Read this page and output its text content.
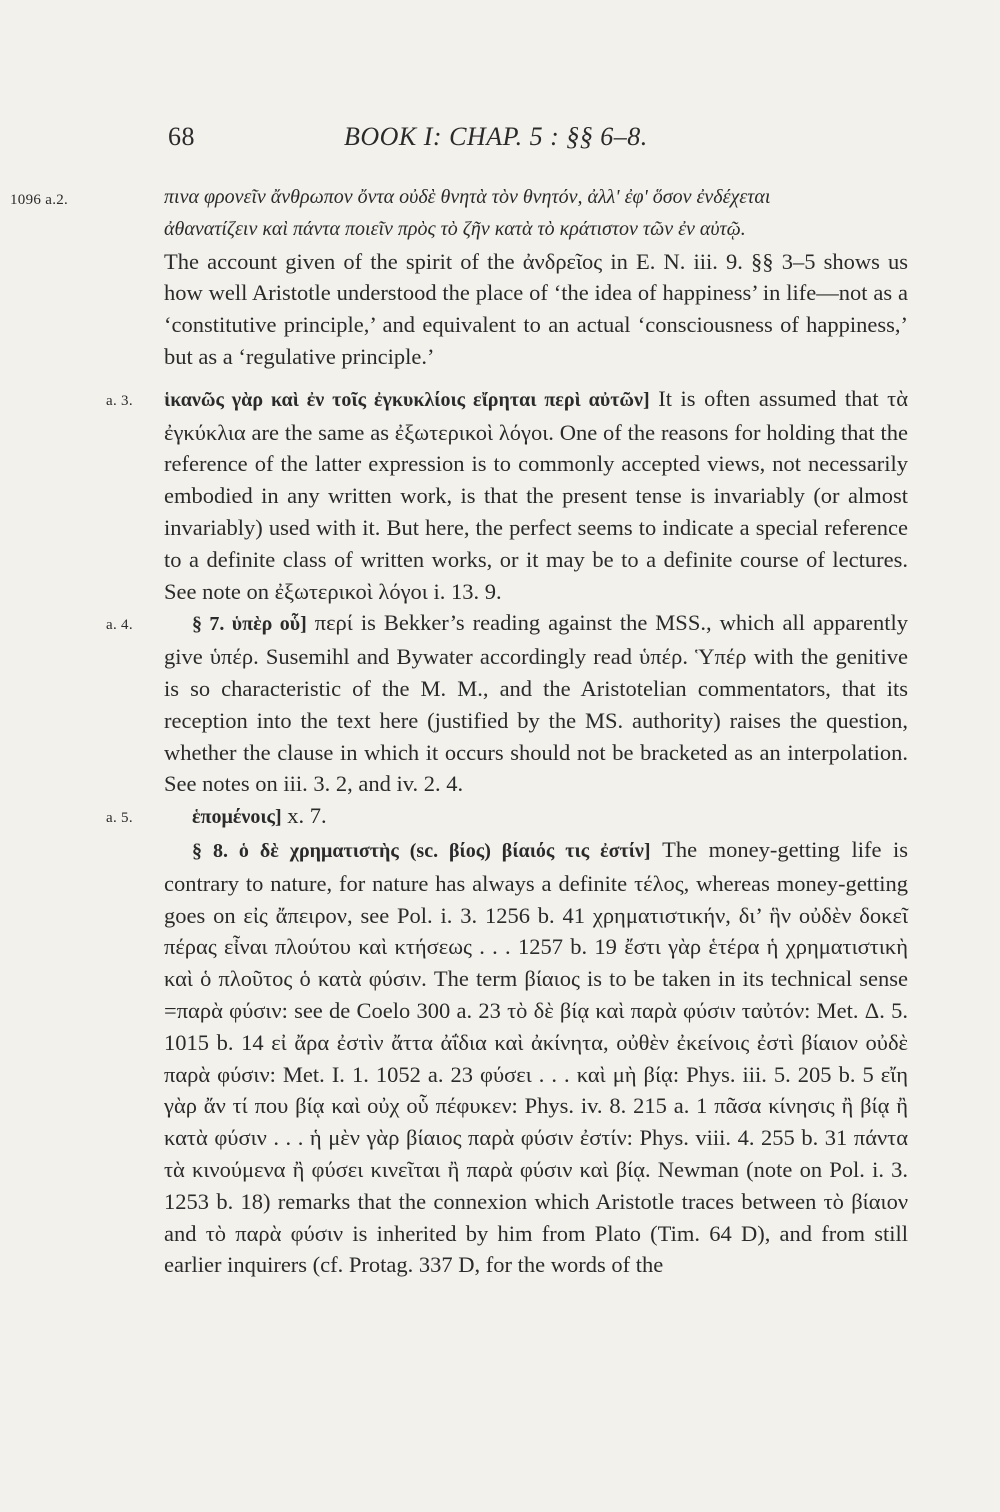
68	BOOK I: CHAP. 5 : §§ 6–8.
1096 a.2.	πινα φρονεῖν ἄνθρωπον ὄντα οὐδὲ θνητὰ τὸν θνητόν, ἀλλ' ἐφ' ὅσον ἐνδέχεται

ἀθανατίζειν καὶ πάντα ποιεῖν πρὸς τὸ ζῆν κατὰ τὸ κράτιστον τῶν ἐν αὐτῷ.

The account given of the spirit of the ἀνδρεῖος in E. N. iii. 9. §§ 3–5 shows us how well Aristotle understood the place of ‘the idea of happiness’ in life—not as a ‘constitutive principle,’ and equivalent to an actual ‘consciousness of happiness,’ but as a ‘regulative principle.’

a. 3. ἱκανῶς γὰρ καὶ ἐν τοῖς ἐγκυκλίοις εἴρηται περὶ αὐτῶν] It is often assumed that τὰ ἐγκύκλια are the same as ἐξωτερικοὶ λόγοι. One of the reasons for holding that the reference of the latter expression is to commonly accepted views, not necessarily embodied in any written work, is that the present tense is invariably (or almost invariably) used with it. But here, the perfect seems to indicate a special reference to a definite class of written works, or it may be to a definite course of lectures. See note on ἐξωτερικοὶ λόγοι i. 13. 9.

a. 4.	§ 7. ὑπὲρ οὗ] περί is Bekker’s reading against the MSS., which all apparently give ὑπέρ. Susemihl and Bywater accordingly read ὑπέρ. Ὑπέρ with the genitive is so characteristic of the M. M., and the Aristotelian commentators, that its reception into the text here (justified by the MS. authority) raises the question, whether the clause in which it occurs should not be bracketed as an interpolation. See notes on iii. 3. 2, and iv. 2. 4.

a. 5.	ἑπομένοις] x. 7.

§ 8. ὁ δὲ χρηματιστὴς (sc. βίος) βίαιός τις ἐστίν] The money-getting life is contrary to nature, for nature has always a definite τέλος, whereas money-getting goes on εἰς ἄπειρον, see Pol. i. 3. 1256 b. 41 χρηματιστικήν, δι’ ἣν οὐδὲν δοκεῖ πέρας εἶναι πλούτου καὶ κτήσεως . . . 1257 b. 19 ἔστι γὰρ ἑτέρα ἡ χρηματιστικὴ καὶ ὁ πλοῦτος ὁ κατὰ φύσιν. The term βίαιος is to be taken in its technical sense =παρὰ φύσιν: see de Coelo 300 a. 23 τὸ δὲ βίᾳ καὶ παρὰ φύσιν ταὐτόν: Met. Δ. 5. 1015 b. 14 εἰ ἄρα ἐστὶν ἄττα ἀΐδια καὶ ἀκίνητα, οὐθὲν ἐκείνοις ἐστὶ βίαιον οὐδὲ παρὰ φύσιν: Met. I. 1. 1052 a. 23 φύσει . . . καὶ μὴ βίᾳ: Phys. iii. 5. 205 b. 5 εἴη γὰρ ἄν τί που βίᾳ καὶ οὐχ οὗ πέφυκεν: Phys. iv. 8. 215 a. 1 πᾶσα κίνησις ἢ βίᾳ ἢ κατὰ φύσιν . . . ἡ μὲν γὰρ βίαιος παρὰ φύσιν ἐστίν: Phys. viii. 4. 255 b. 31 πάντα τὰ κινούμενα ἢ φύσει κινεῖται ἢ παρὰ φύσιν καὶ βίᾳ. Newman (note on Pol. i. 3. 1253 b. 18) remarks that the connexion which Aristotle traces between τὸ βίαιον and τὸ παρὰ φύσιν is inherited by him from Plato (Tim. 64 D), and from still earlier inquirers (cf. Protag. 337 D, for the words of the
